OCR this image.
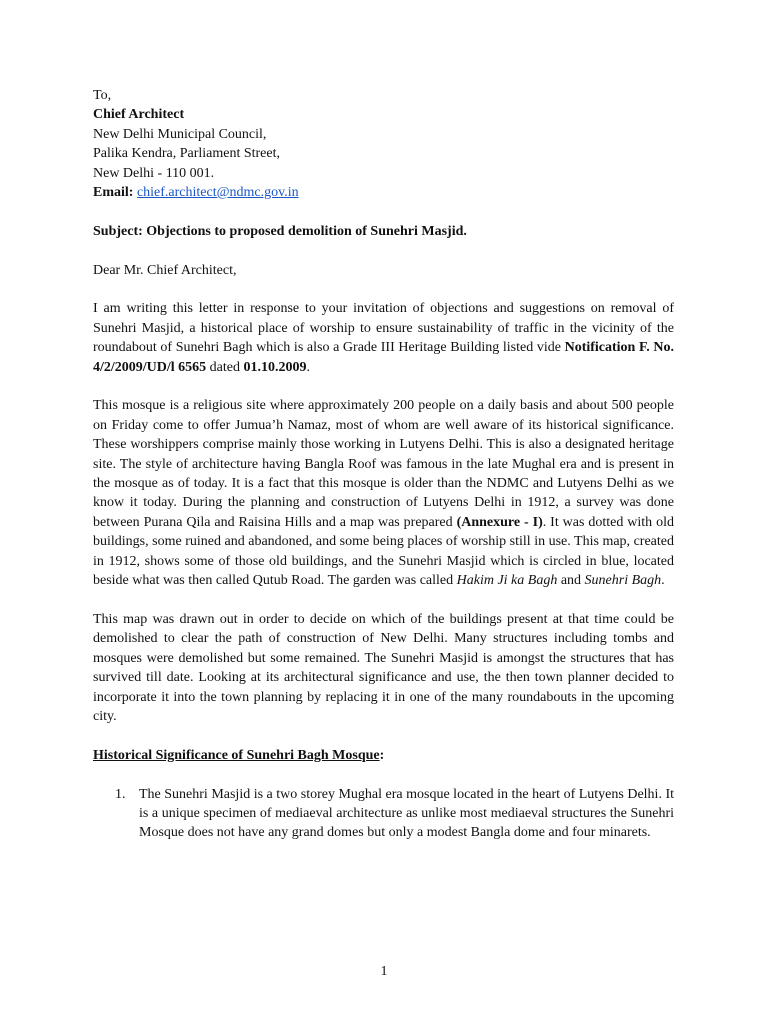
To,
Chief Architect
New Delhi Municipal Council,
Palika Kendra, Parliament Street,
New Delhi - 110 001.
Email: chief.architect@ndmc.gov.in

Subject: Objections to proposed demolition of Sunehri Masjid.

Dear Mr. Chief Architect,

I am writing this letter in response to your invitation of objections and suggestions on removal of Sunehri Masjid, a historical place of worship to ensure sustainability of traffic in the vicinity of the roundabout of Sunehri Bagh which is also a Grade III Heritage Building listed vide Notification F. No. 4/2/2009/UD/l 6565 dated 01.10.2009.

This mosque is a religious site where approximately 200 people on a daily basis and about 500 people on Friday come to offer Jumua’h Namaz, most of whom are well aware of its historical significance. These worshippers comprise mainly those working in Lutyens Delhi. This is also a designated heritage site. The style of architecture having Bangla Roof was famous in the late Mughal era and is present in the mosque as of today. It is a fact that this mosque is older than the NDMC and Lutyens Delhi as we know it today. During the planning and construction of Lutyens Delhi in 1912, a survey was done between Purana Qila and Raisina Hills and a map was prepared (Annexure - I). It was dotted with old buildings, some ruined and abandoned, and some being places of worship still in use. This map, created in 1912, shows some of those old buildings, and the Sunehri Masjid which is circled in blue, located beside what was then called Qutub Road. The garden was called Hakim Ji ka Bagh and Sunehri Bagh.

This map was drawn out in order to decide on which of the buildings present at that time could be demolished to clear the path of construction of New Delhi. Many structures including tombs and mosques were demolished but some remained. The Sunehri Masjid is amongst the structures that has survived till date. Looking at its architectural significance and use, the then town planner decided to incorporate it into the town planning by replacing it in one of the many roundabouts in the upcoming city.

Historical Significance of Sunehri Bagh Mosque:

1. The Sunehri Masjid is a two storey Mughal era mosque located in the heart of Lutyens Delhi. It is a unique specimen of mediaeval architecture as unlike most mediaeval structures the Sunehri Mosque does not have any grand domes but only a modest Bangla dome and four minarets.

1
